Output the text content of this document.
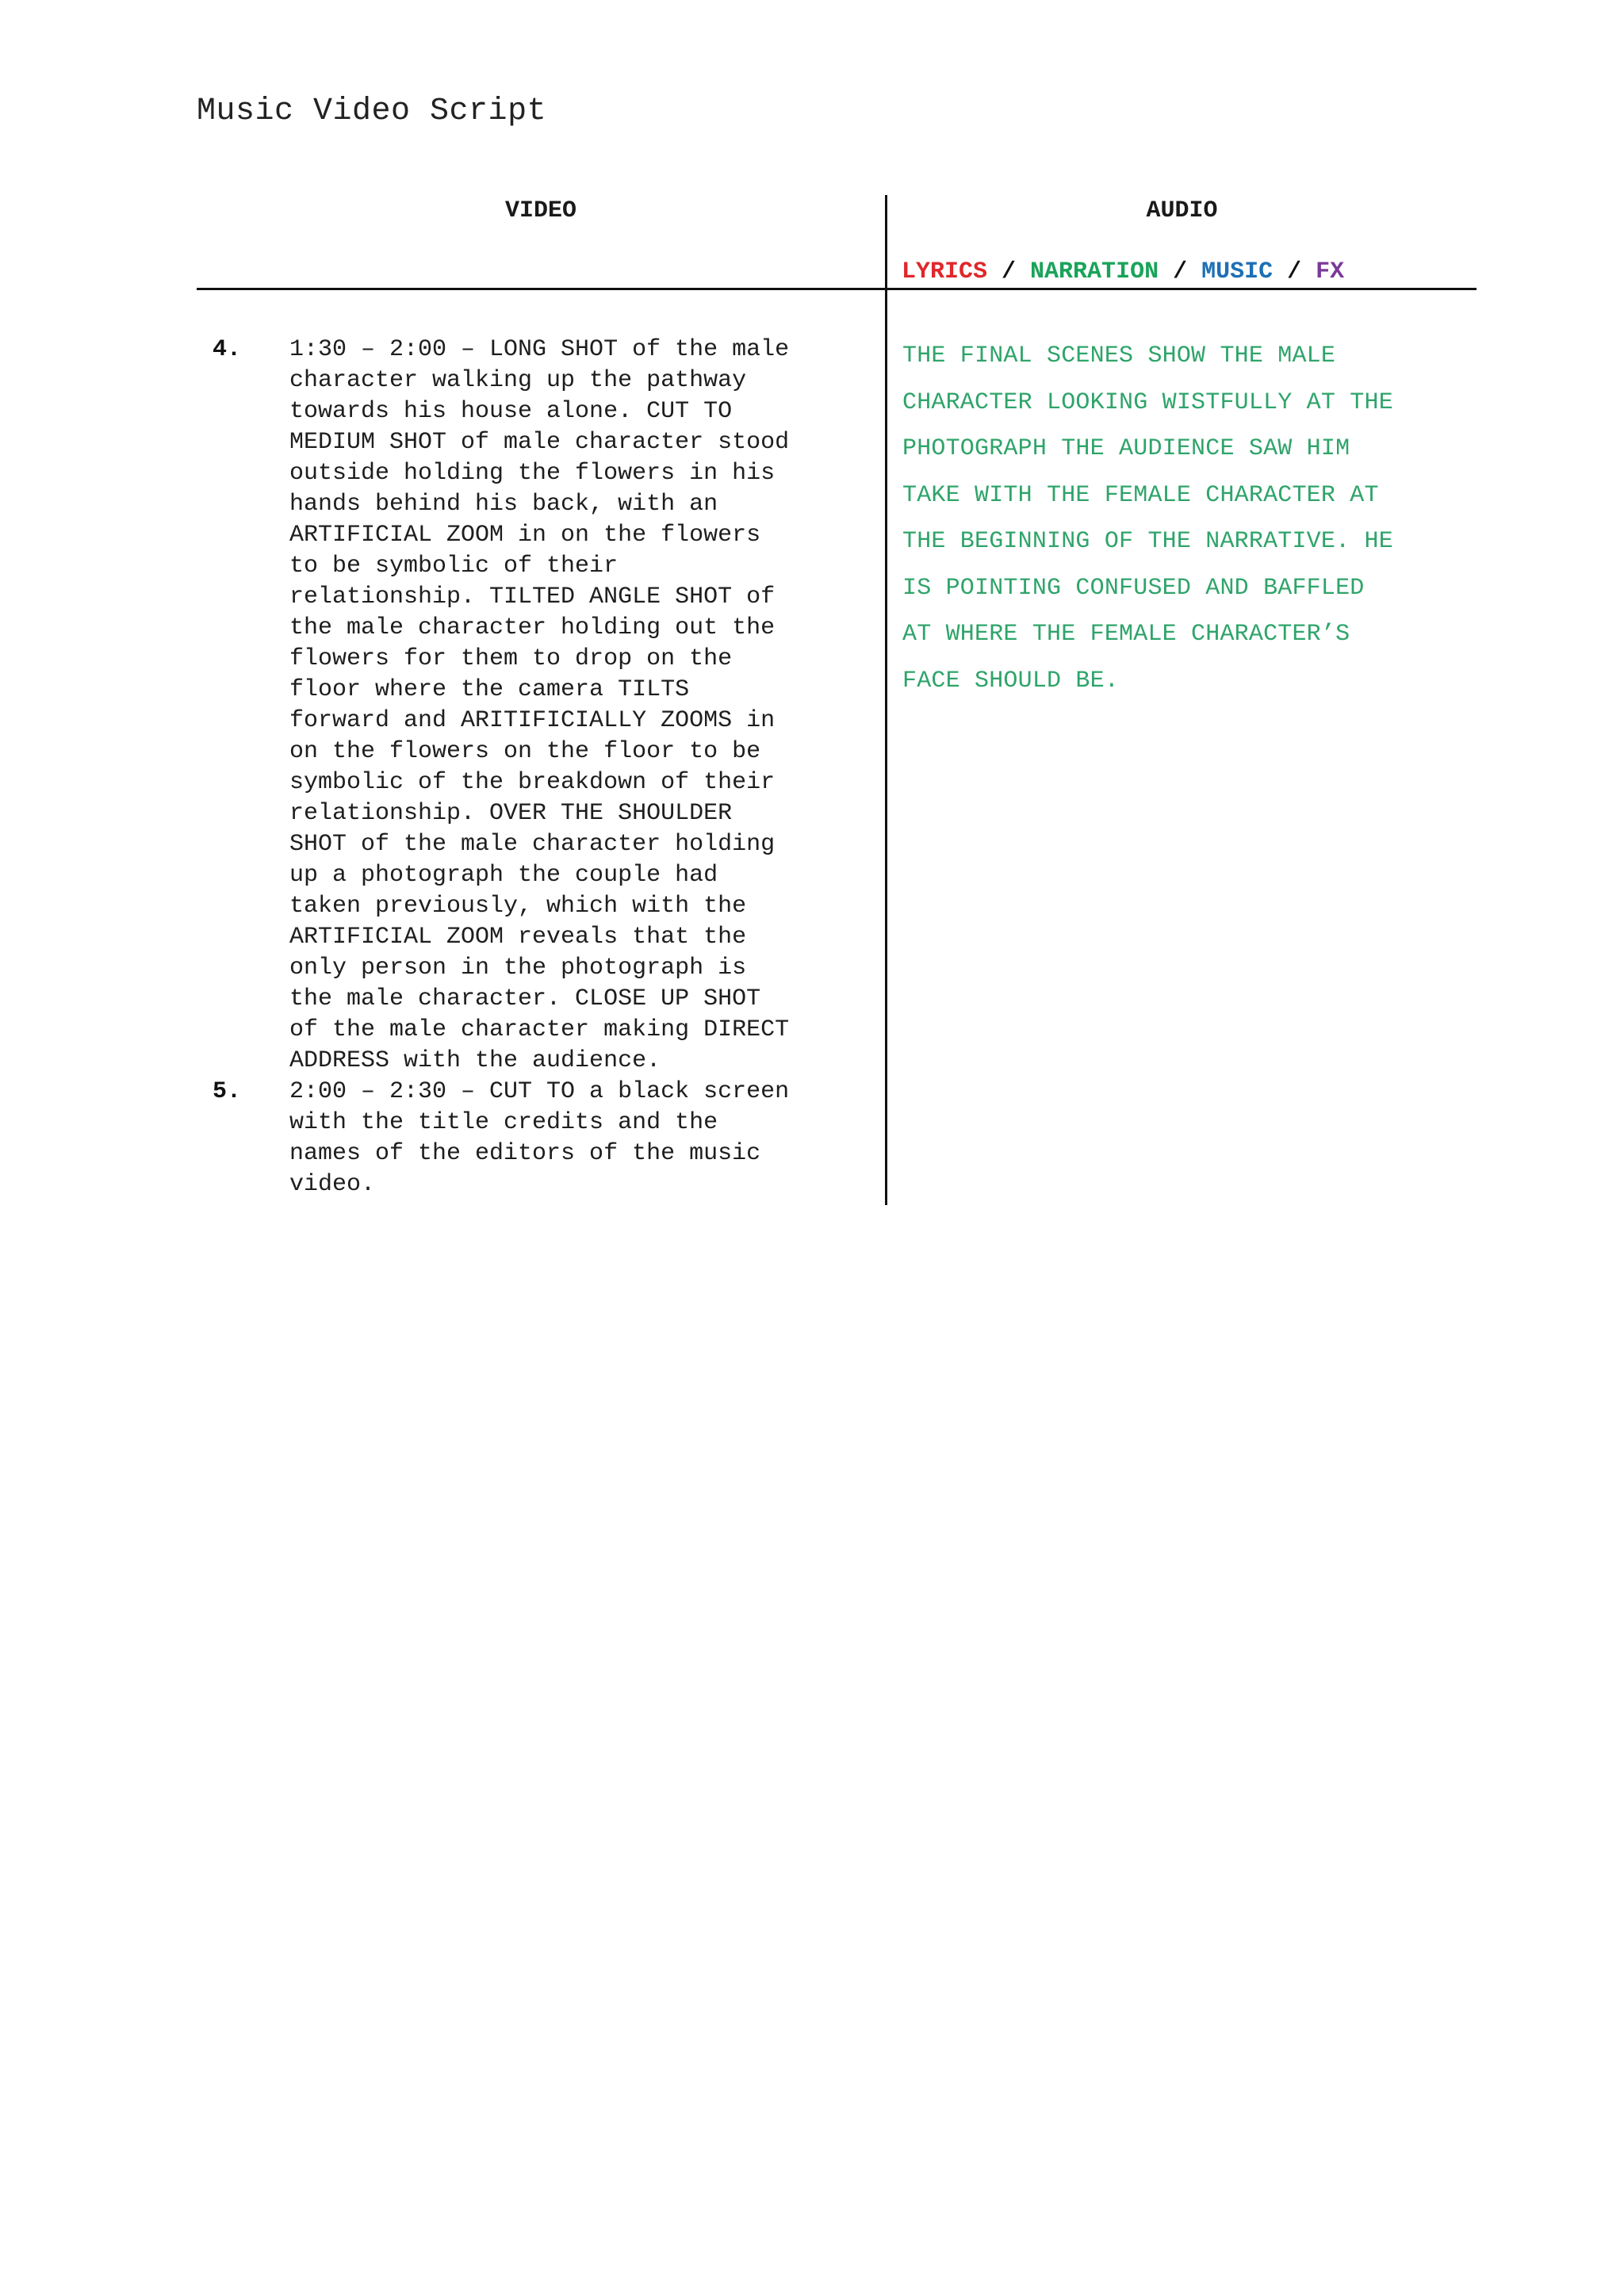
Music Video Script
VIDEO	AUDIO
LYRICS / NARRATION / MUSIC / FX
4. 1:30 – 2:00 – LONG SHOT of the male
character walking up the pathway
towards his house alone. CUT TO
MEDIUM SHOT of male character stood
outside holding the flowers in his
hands behind his back, with an
ARTIFICIAL ZOOM in on the flowers
to be symbolic of their
relationship. TILTED ANGLE SHOT of
the male character holding out the
flowers for them to drop on the
floor where the camera TILTS
forward and ARITIFICIALLY ZOOMS in
on the flowers on the floor to be
symbolic of the breakdown of their
relationship. OVER THE SHOULDER
SHOT of the male character holding
up a photograph the couple had
taken previously, which with the
ARTIFICIAL ZOOM reveals that the
only person in the photograph is
the male character. CLOSE UP SHOT
of the male character making DIRECT
ADDRESS with the audience.
5. 2:00 – 2:30 – CUT TO a black screen
with the title credits and the
names of the editors of the music
video.
THE FINAL SCENES SHOW THE MALE
CHARACTER LOOKING WISTFULLY AT THE
PHOTOGRAPH THE AUDIENCE SAW HIM
TAKE WITH THE FEMALE CHARACTER AT
THE BEGINNING OF THE NARRATIVE. HE
IS POINTING CONFUSED AND BAFFLED
AT WHERE THE FEMALE CHARACTER’S
FACE SHOULD BE.
